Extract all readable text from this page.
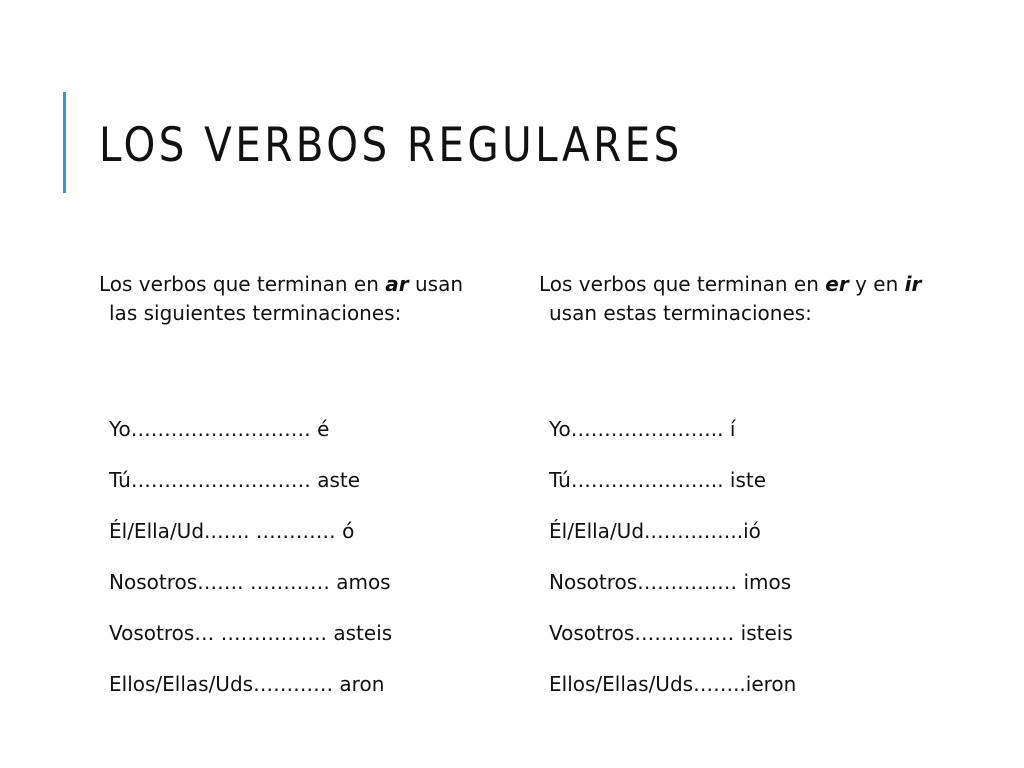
LOS VERBOS REGULARES

Los verbos que terminan en ar usan
las siguientes terminaciones:

Yo……………………… é
Tú……………………… aste
Él/Ella/Ud.…... ………… ó
Nosotros……. ………… amos
Vosotros… ……………. asteis
Ellos/Ellas/Uds………… aron

Los verbos que terminan en er y en ir
usan estas terminaciones:

Yo………………….. í
Tú………………….. iste
Él/Ella/Ud.…………..ió
Nosotros…………… imos
Vosotros…………… isteis
Ellos/Ellas/Uds……..ieron
